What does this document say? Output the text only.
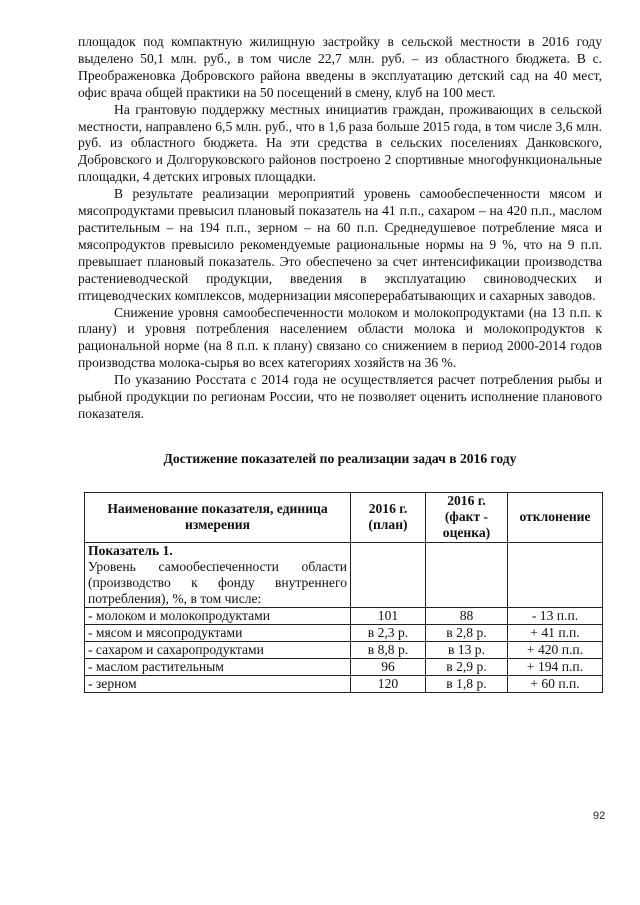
площадок под компактную жилищную застройку в сельской местности в 2016 году выделено 50,1 млн. руб., в том числе 22,7 млн. руб. – из областного бюджета. В с. Преображеновка Добровского района введены в эксплуатацию детский сад на 40 мест, офис врача общей практики на 50 посещений в смену, клуб на 100 мест.

На грантовую поддержку местных инициатив граждан, проживающих в сельской местности, направлено 6,5 млн. руб., что в 1,6 раза больше 2015 года, в том числе 3,6 млн. руб. из областного бюджета. На эти средства в сельских поселениях Данковского, Добровского и Долгоруковского районов построено 2 спортивные многофункциональные площадки, 4 детских игровых площадки.

В результате реализации мероприятий уровень самообеспеченности мясом и мясопродуктами превысил плановый показатель на 41 п.п., сахаром – на 420 п.п., маслом растительным – на 194 п.п., зерном – на 60 п.п. Среднедушевое потребление мяса и мясопродуктов превысило рекомендуемые рациональные нормы на 9 %, что на 9 п.п. превышает плановый показатель. Это обеспечено за счет интенсификации производства растениеводческой продукции, введения в эксплуатацию свиноводческих и птицеводческих комплексов, модернизации мясоперерабатывающих и сахарных заводов.

Снижение уровня самообеспеченности молоком и молокопродуктами (на 13 п.п. к плану) и уровня потребления населением области молока и молокопродуктов к рациональной норме (на 8 п.п. к плану) связано со снижением в период 2000-2014 годов производства молока-сырья во всех категориях хозяйств на 36 %.

По указанию Росстата с 2014 года не осуществляется расчет потребления рыбы и рыбной продукции по регионам России, что не позволяет оценить исполнение планового показателя.

Достижение показателей по реализации задач в 2016 году

Наименование показателя, единица измерения	2016 г. (план)	2016 г. (факт - оценка)	отклонение

Показатель 1.
Уровень самообеспеченности области (производство к фонду внутреннего потребления), %, в том числе:			

- молоком и молокопродуктами	101	88	- 13 п.п.
- мясом и мясопродуктами	в 2,3 р.	в 2,8 р.	+ 41 п.п.
- сахаром и сахаропродуктами	в 8,8 р.	в 13 р.	+ 420 п.п.
- маслом растительным	96	в 2,9 р.	+ 194 п.п.
- зерном	120	в 1,8 р.	+ 60 п.п.
92
